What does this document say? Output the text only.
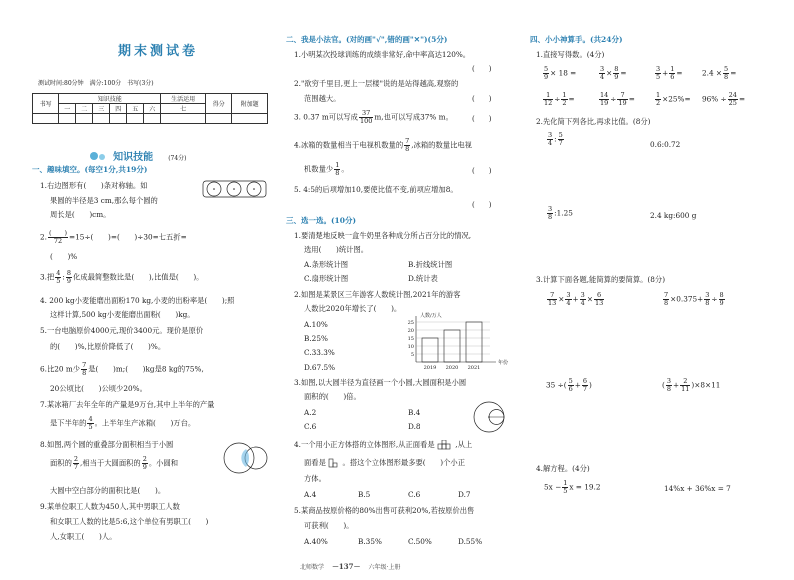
期末测试卷
测试时间:80分钟　满分:100分　书写(3分)
书写	知识技能						生活运用	得分	附加题
	一	二	三	四	五	六	七		

知识技能	(74分)
一、趣味填空。(每空1分,共19分)
1.右边图形有(　　)条对称轴。如
果圆的半径是3 cm,那么每个圆的
周长是(　　)cm。
2. $\frac{( )}{72} =15\div$(　　)=(　　)÷30=七五折=
(　　)%
3.把 $\frac{4}{5}$ : $\frac{8}{9}$ 化成最简整数比是(　　),比值是(　　)。
4. 200 kg小麦能磨出面粉170 kg,小麦的出粉率是(　　);照
这样计算,500 kg小麦能磨出面粉(　　)kg。
5.一台电脑原价4000元,现价3400元。现价是原价
的(　　)%,比原价降低了(　　)%。
6.比20 m少 $\frac{7}{8}$ 是(　　)m;(　　)kg是8 kg的75%,
20公顷比(　　)公顷少20%。
7.某冰箱厂去年全年的产量是9万台,其中上半年的产量
是下半年的 $\frac{4}{5}$ 。上半年生产冰箱(　　)万台。
8.如图,两个圆的重叠部分面积相当于小圆
面积的 $\frac{2}{7}$ ,相当于大圆面积的 $\frac{2}{9}$ 。小圆和
大圆中空白部分的面积比是(　　)。
9.某单位职工人数为450人,其中男职工人数
和女职工人数的比是5:6,这个单位有男职工(　　)
人,女职工(　　)人。
二、我是小法官。(对的画"√",错的画"✕")(5分)
1.小明某次投球训练的成绩非常好,命中率高达120%。
(　　)
2."欲穷千里目,更上一层楼"说的是站得越高,观察的
范围越大。	(　　)
3. 0.37 m可以写成 $\frac{37}{100} m$,也可以写成37% m。	(　　)
4.冰箱的数量相当于电视机数量的 $\frac{7}{8}$ ,冰箱的数量比电视
机数量少 $\frac{1}{8}$ 。	(　　)
5. 4:5的后项增加10,要使比值不变,前项应增加8。
(　　)
三、选一选。(10分)
1.要清楚地反映一盒牛奶里各种成分所占百分比的情况,
选用(　　)统计图。
A.条形统计图	B.折线统计图
C.扇形统计图	D.统计表
2.如图是某景区三年游客人数统计图,2021年的游客
人数比2020年增长了(　　)。
A.10%
B.25%
C.33.3%
D.67.5%
5
10
15
20
25
2019 2020 2021
人数/万人
年份
3.如图,以大圆半径为直径画一个小圆,大圆面积是小圆
面积的(　　)倍。
A.2	B.4
C.6	D.8
4.一个用小正方体搭的立体图形,从正面看是	,从上
面看是 。搭这个立体图形最多要(　　)个小正
方体。
A.4	B.5	C.6	D.7
5.某商品按原价格的80%出售可获利20%,若按原价出售
可获利(　　)。
A.40%	B.35%	C.50%	D.55%
四、小小神算手。(共24分)
1.直接写得数。(4分)
$\frac{5}{9} \times 18$ =	$\frac{3}{4} \times \frac{8}{9}$ =	$\frac{3}{5} + \frac{1}{6}$ =	$2.4 \times \frac{5}{8}$ =
$\frac{1}{12} \div \frac{1}{2}$ =	$\frac{14}{19} \div \frac{7}{19}$ =	$\frac{1}{2} \times 25\%= 96\% \div \frac{24}{25}$ =
2.先化简下列各比,再求比值。(8分)
$\frac{3}{4}$ : $\frac{5}{7}$	0.6:0.72
$\frac{3}{8}$ :1.25	2.4 kg:600 g
3.计算下面各题,能简算的要简算。(8分)
$\frac{7}{13} \times \frac{3}{4} + \frac{3}{4} \times \frac{6}{13}$	$\frac{7}{8} \times 0.375+ \frac{3}{8} \div \frac{8}{9}$
35 ÷( $\frac{5}{6} + \frac{6}{7}$ )	( $\frac{3}{8} + \frac{2}{11} )\times 8\times 11$
4.解方程。(4分)
$5x - \frac{1}{5}$ x = 19.2	14%x + 36%x = 7
北师数学 －137－ 六年级·上册
